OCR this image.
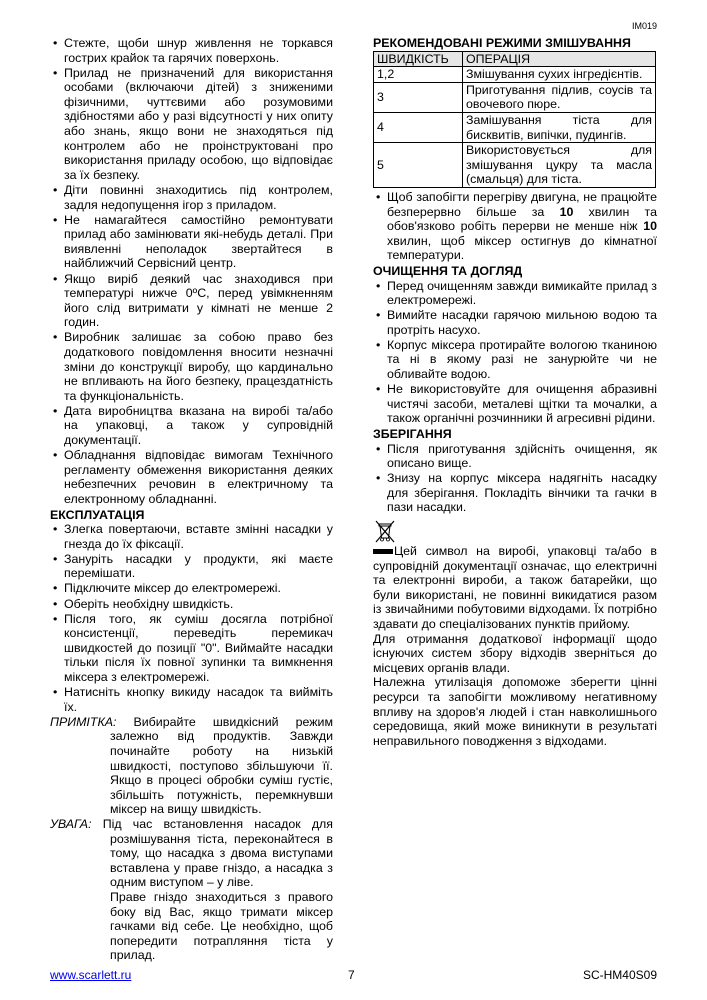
IM019

• Стежте, щоби шнур живлення не торкався гострих крайок та гарячих поверхонь.

• Прилад не призначений для використання особами (включаючи дітей) з зниженими фізичними, чуттєвими або розумовими здібностями або у разі відсутності у них опиту або знань, якщо вони не знаходяться під контролем або не проінструктовані про використання приладу особою, що відповідає за їх безпеку.

• Діти повинні знаходитись під контролем, задля недопущення ігор з приладом.

• Не намагайтеся самостійно ремонтувати прилад або замінювати які-небудь деталі. При виявленні неполадок звертайтеся в найближчий Сервісний центр.

• Якщо виріб деякий час знаходився при температурі нижче 0ºС, перед увімкненням його слід витримати у кімнаті не менше 2 годин.

• Виробник залишає за собою право без додаткового повідомлення вносити незначні зміни до конструкції виробу, що кардинально не впливають на його безпеку, працездатність та функціональність.

• Дата виробництва вказана на виробі та/або на упаковці, а також у супровідній документації.

• Обладнання відповідає вимогам Технічного регламенту обмеження використання деяких небезпечних речовин в електричному та електронному обладнанні.

ЕКСПЛУАТАЦІЯ

• Злегка повертаючи, вставте змінні насадки у гнезда до їх фіксації.

• Зануріть насадки у продукти, які маєте перемішати.

• Підключите міксер до електромережі.

• Оберіть необхідну швидкість.

• Після того, як суміш досягла потрібної консистенції, переведіть перемикач швидкостей до позиції "0". Виймайте насадки тільки після їх повної зупинки та вимкнення міксера з електромережі.

• Натисніть кнопку викиду насадок та вийміть їх.

ПРИМІТКА: Вибирайте швидкісний режим залежно від продуктів. Завжди починайте роботу на низькій швидкості, поступово збільшуючи її. Якщо в процесі обробки суміш густіє, збільшіть потужність, перемкнувши міксер на вищу швидкість.

УВАГА: Під час встановлення насадок для розмішування тіста, переконайтеся в тому, що насадка з двома виступами вставлена у праве гніздо, а насадка з одним виступом – у ліве.

Праве гніздо знаходиться з правого боку від Вас, якщо тримати міксер гачками від себе. Це необхідно, щоб попередити потрапляння тіста у прилад.

РЕКОМЕНДОВАНІ РЕЖИМИ ЗМІШУВАННЯ
ШВИДКІСТЬ	ОПЕРАЦІЯ
1,2	Змішування сухих інгредієнтів.
3	Приготування підлив, соусів та овочевого пюре.
4	Замішування тіста для бисквитів, випічки, пудингів.
5	Використовується для змішування цукру та масла (смальця) для тіста.

• Щоб запобігти перегріву двигуна, не працюйте безперервно більше за 10 хвилин та обов'язково робіть перерви не менше ніж 10 хвилин, щоб міксер остигнув до кімнатної температури.

ОЧИЩЕННЯ ТА ДОГЛЯД

• Перед очищенням завжди вимикайте прилад з електромережі.

• Вимийте насадки гарячою мильною водою та протріть насухо.

• Корпус міксера протирайте вологою тканиною та ні в якому разі не занурюйте чи не обливайте водою.

• Не використовуйте для очищення абразивні чистячі засоби, металеві щітки та мочалки, а також органічні розчинники й агресивні рідини.

ЗБЕРІГАННЯ

• Після приготування здійсніть очищення, як описано вище.

• Знизу на корпус міксера надягніть насадку для зберігання. Покладіть вінчики та гачки в пази насадки.

Цей символ на виробі, упаковці та/або в супровідній документації означає, що електричні та електронні вироби, а також батарейки, що були використані, не повинні викидатися разом із звичайними побутовими відходами. Їх потрібно здавати до спеціалізованих пунктів прийому.

Для отримання додаткової інформації щодо існуючих систем збору відходів зверніться до місцевих органів влади.

Належна утилізація допоможе зберегти цінні ресурси та запобігти можливому негативному впливу на здоров'я людей і стан навколишнього середовища, який може виникнути в результаті неправильного поводження з відходами.

www.scarlett.ru	7	SC-HM40S09
